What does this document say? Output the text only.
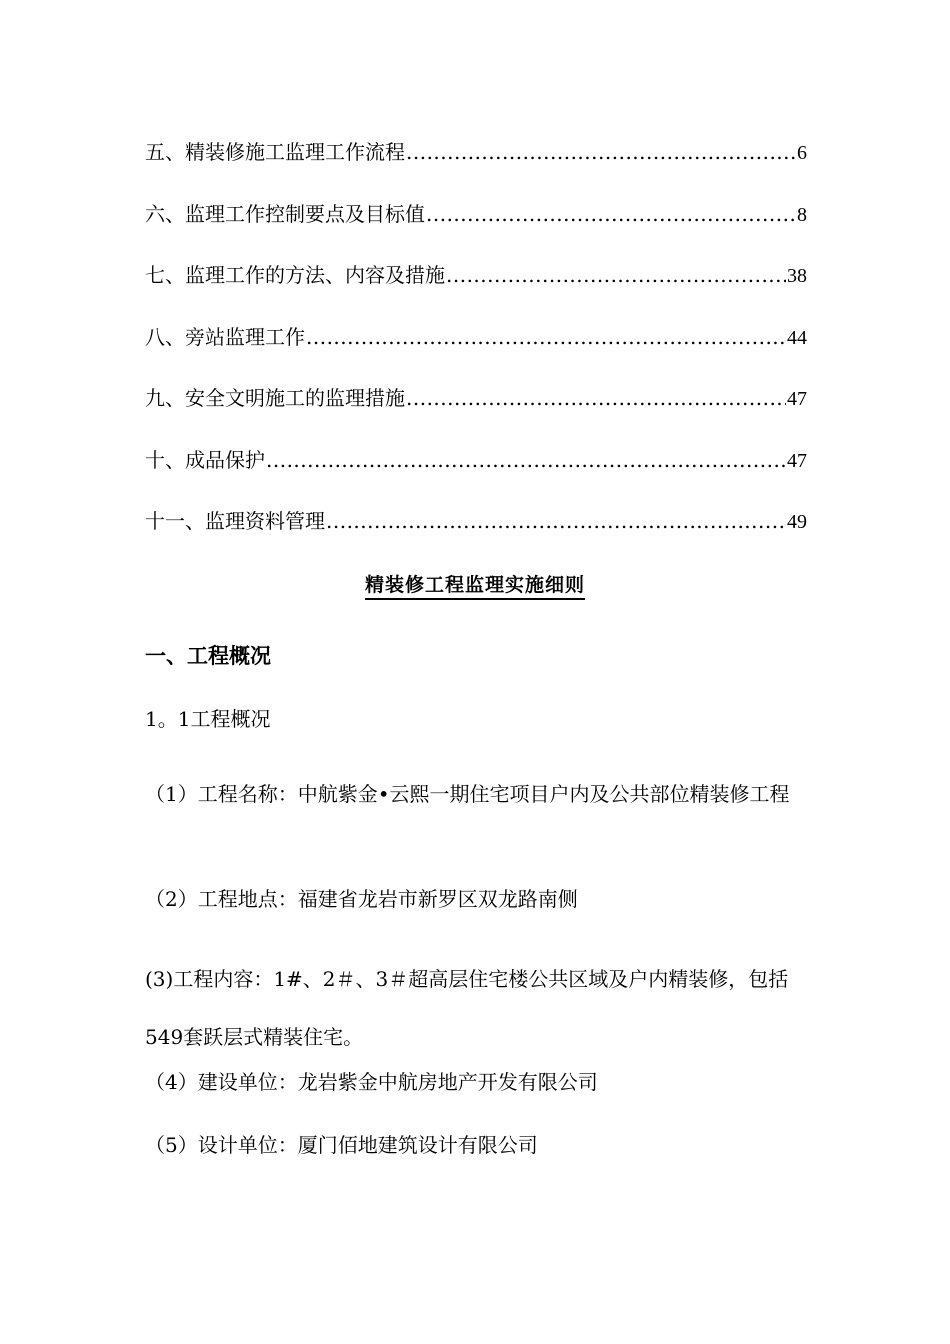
五、精装修施工监理工作流程 .....	6
六、监理工作控制要点及目标值 .....	8
七、监理工作的方法、内容及措施 .....	38
八、旁站监理工作 .....	44
九、安全文明施工的监理措施 .....	47
十、成品保护 .....	47
十一、监理资料管理 .....	49
精装修工程监理实施细则
一、工程概况
1。1工程概况

（1）工程名称：中航紫金•云熙一期住宅项目户内及公共部位精装修工程

（2）工程地点：福建省龙岩市新罗区双龙路南侧

(3)工程内容：1#、2＃、3＃超高层住宅楼公共区域及户内精装修，包括549套跃层式精装住宅。

（4）建设单位：龙岩紫金中航房地产开发有限公司

（5）设计单位：厦门佰地建筑设计有限公司
